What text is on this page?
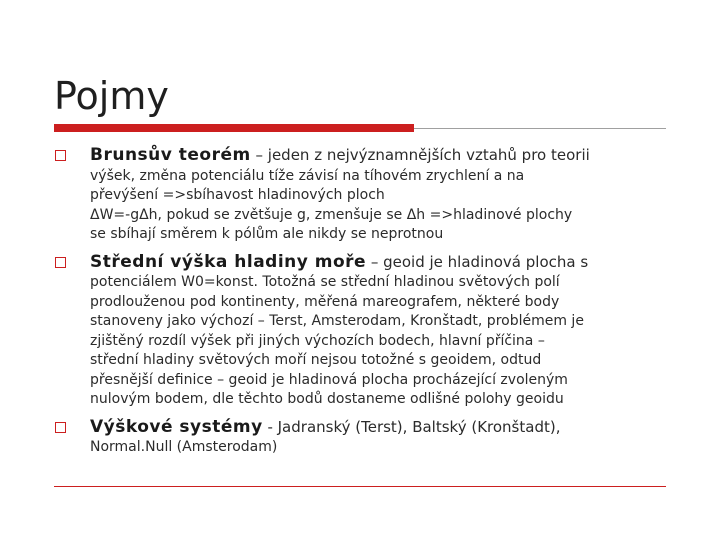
Pojmy

Brunsův teorém – jeden z nejvýznamnějších vztahů pro teorii

výšek, změna potenciálu tíže závisí na tíhovém zrychlení a na

převýšení =>sbíhavost hladinových ploch

ΔW=-gΔh, pokud se zvětšuje g, zmenšuje se Δh =>hladinové plochy

se sbíhají směrem k pólům ale nikdy se neprotnou

Střední výška hladiny moře – geoid je hladinová plocha s

potenciálem W0=konst. Totožná se střední hladinou světových polí

prodlouženou pod kontinenty, měřená mareografem, některé body

stanoveny jako výchozí – Terst, Amsterodam, Kronštadt, problémem je

zjištěný rozdíl výšek při jiných výchozích bodech, hlavní příčina –

střední hladiny světových moří nejsou totožné s geoidem, odtud

přesnější definice – geoid je hladinová plocha procházející zvoleným

nulovým bodem, dle těchto bodů dostaneme odlišné polohy geoidu

Výškové systémy - Jadranský (Terst), Baltský (Kronštadt),

Normal.Null (Amsterodam)
